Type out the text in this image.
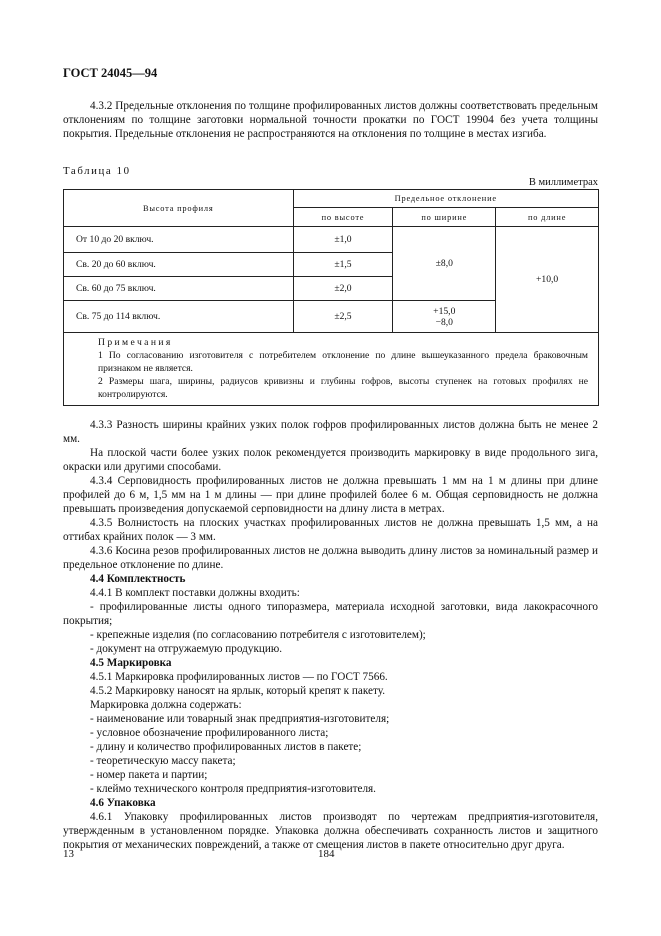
ГОСТ 24045—94

4.3.2 Предельные отклонения по толщине профилированных листов должны соответствовать предельным отклонениям по толщине заготовки нормальной точности прокатки по ГОСТ 19904 без учета толщины покрытия. Предельные отклонения не распространяются на отклонения по толщине в местах изгиба.

Таблица 10
В миллиметрах
Высота профиля	Предельное отклонение		
	по высоте	по ширине	по длине
От 10 до 20 включ.	±1,0	±8,0	+10,0
Св. 20 до 60 включ.	±1,5		
Св. 60 до 75 включ.	±2,0		
Св. 75 до 114 включ.	±2,5	+15,0
−8,0	

Примечания

1 По согласованию изготовителя с потребителем отклонение по длине вышеуказанного предела браковочным признаком не является.

2 Размеры шага, ширины, радиусов кривизны и глубины гофров, высоты ступенек на готовых профилях не контролируются.			

4.3.3 Разность ширины крайних узких полок гофров профилированных листов должна быть не менее 2 мм.

На плоской части более узких полок рекомендуется производить маркировку в виде продольного зига, окраски или другими способами.

4.3.4 Серповидность профилированных листов не должна превышать 1 мм на 1 м длины при длине профилей до 6 м, 1,5 мм на 1 м длины — при длине профилей более 6 м. Общая серповидность не должна превышать произведения допускаемой серповидности на длину листа в метрах.

4.3.5 Волнистость на плоских участках профилированных листов не должна превышать 1,5 мм, а на оттибах крайних полок — 3 мм.

4.3.6 Косина резов профилированных листов не должна выводить длину листов за номинальный размер и предельное отклонение по длине.

4.4 Комплектность

4.4.1 В комплект поставки должны входить:

- профилированные листы одного типоразмера, материала исходной заготовки, вида лакокрасочного покрытия;

- крепежные изделия (по согласованию потребителя с изготовителем);

- документ на отгружаемую продукцию.

4.5 Маркировка

4.5.1 Маркировка профилированных листов — по ГОСТ 7566.

4.5.2 Маркировку наносят на ярлык, который крепят к пакету.

Маркировка должна содержать:

- наименование или товарный знак предприятия-изготовителя;

- условное обозначение профилированного листа;

- длину и количество профилированных листов в пакете;

- теоретическую массу пакета;

- номер пакета и партии;

- клеймо технического контроля предприятия-изготовителя.

4.6 Упаковка

4.6.1 Упаковку профилированных листов производят по чертежам предприятия-изготовителя, утвержденным в установленном порядке. Упаковка должна обеспечивать сохранность листов и защитного покрытия от механических повреждений, а также от смещения листов в пакете относительно друг друга.

13	184
